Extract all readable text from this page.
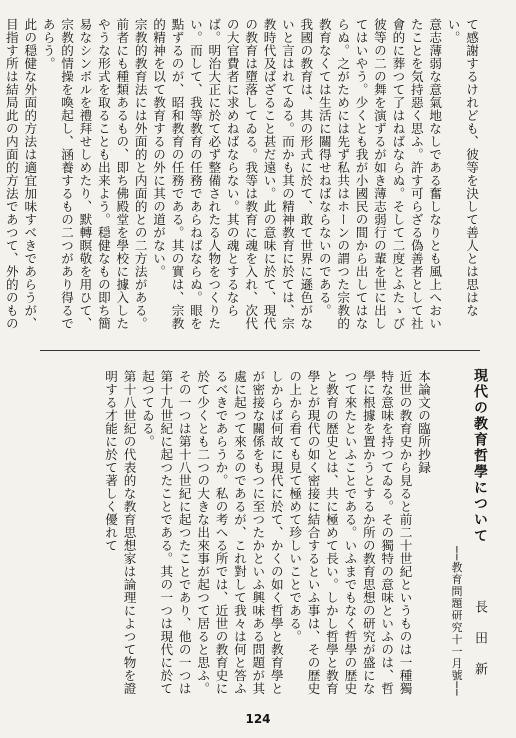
て感謝するけれども、彼等を決して善人とは思はない。
意志薄弱な意氣地なしである奮しなりとも風上へおいたことを気持惡く思ふ。許す可らざる偽善者として社會的に葬つて了はねばならぬ。そして二度とふたゝび彼等の二の舞を演ずるが如き薄志弱行の輩を世に出してはいやう。少くとも我が小國民の間から出してはならぬ。之がためには先ず私共はホーンの謂つた宗教的教育なくては生活に關得せねばならないのである。
我國の教育は、其の形式に於て、敢て世界に遜色がないと言はれてゐる。而かも其の精神教育に於ては、宗教時代及ばざること甚だ遠い。此の意味に於て、現代の教育は墮落してゐる。我等は教育に魂を入れ、次代の大官費者に求めねばならない。其の魂とするならば。明治大正に於て必ず整備されたる人物をつくりたい。而して、我等教育の任務であらねばならぬ。眼を點ずるのが、昭和教育の任務である。其の實は、宗教的精神を以て教育するの外に其の道がない。
宗教的教育法には外面的と内面的との二方法がある。前者にも種類あるもの、即ち佛殿堂を學校に據入したやうな形式を取ることも出来よう。穏健なもの即ち簡易なシンボルを禮拜せしめたり、默轉瞑敬を用ひて、宗教的情操を喚起し、涵養するもの二つがあり得るであらう。
此の穏健な外面的方法は適宜加味すべきであらうが、目指す所は結局此の内面的方法であつて、外的のもの

現代の教育哲學について
長田新
──教育問題研究十一月號──
本論文の臨所抄録
近世の教育史から見ると前二十世紀というものは一種獨特な意味を持つてゐる。その獨特の意味といふのは、哲學に根據を置かうとするか所の教育思想の研究が盛になつて來たといふことである。いふまでもなく哲學の歴史と教育の歴史とは、共に極めて長い。しかし哲學と教育學とが現代の如く密接に結合するといふ事は、その歴史の上から看ても見て極めて珍しいことである。
しからば何故に現代に於て、かくの如く哲學と教育學とが密接な關係をもつに至つたかといふ興味ある問題が其處に起つて來るのであるが、これ對して我々は何と答ふるべきであらうか。私の考へる所では、近世の教育史に於て少くとも二つの大きな出來事が起つて居ると思ふ。その一つは第十八世紀に起つたことであり、他の一つは第十九世紀に起つたことである。其の一つは現代に於て起つてゐる。
第十八世紀の代表的な教育思想家は論理によつて物を證明する才能に於て著しく優れて
124
